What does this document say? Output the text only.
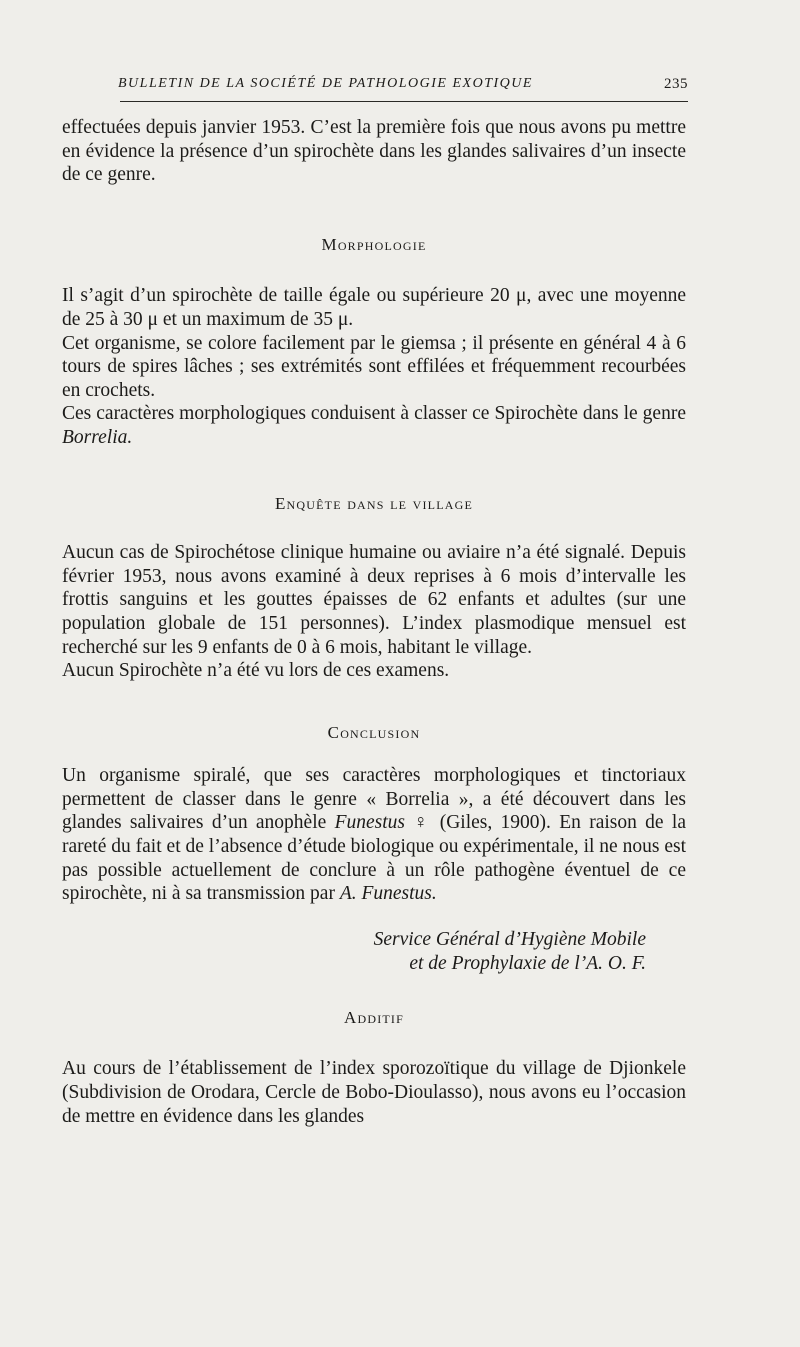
BULLETIN DE LA SOCIÉTÉ DE PATHOLOGIE EXOTIQUE	235

effectuées depuis janvier 1953. C’est la première fois que nous avons pu mettre en évidence la présence d’un spirochète dans les glandes salivaires d’un insecte de ce genre.

Morphologie

Il s’agit d’un spirochète de taille égale ou supérieure 20 μ, avec une moyenne de 25 à 30 μ et un maximum de 35 μ.

Cet organisme, se colore facilement par le giemsa ; il présente en général 4 à 6 tours de spires lâches ; ses extrémités sont effilées et fréquemment recourbées en crochets.

Ces caractères morphologiques conduisent à classer ce Spirochète dans le genre Borrelia.

Enquête dans le village

Aucun cas de Spirochétose clinique humaine ou aviaire n’a été signalé. Depuis février 1953, nous avons examiné à deux reprises à 6 mois d’intervalle les frottis sanguins et les gouttes épaisses de 62 enfants et adultes (sur une population globale de 151 personnes). L’index plasmodique mensuel est recherché sur les 9 enfants de 0 à 6 mois, habitant le village.

Aucun Spirochète n’a été vu lors de ces examens.

Conclusion

Un organisme spiralé, que ses caractères morphologiques et tinctoriaux permettent de classer dans le genre « Borrelia », a été découvert dans les glandes salivaires d’un anophèle Funestus ♀ (Giles, 1900). En raison de la rareté du fait et de l’absence d’étude biologique ou expérimentale, il ne nous est pas possible actuellement de conclure à un rôle pathogène éventuel de ce spirochète, ni à sa transmission par A. Funestus.

Service Général d’Hygiène Mobile
et de Prophylaxie de l’A. O. F.

Additif

Au cours de l’établissement de l’index sporozoïtique du village de Djionkele (Subdivision de Orodara, Cercle de Bobo-Dioulasso), nous avons eu l’occasion de mettre en évidence dans les glandes
